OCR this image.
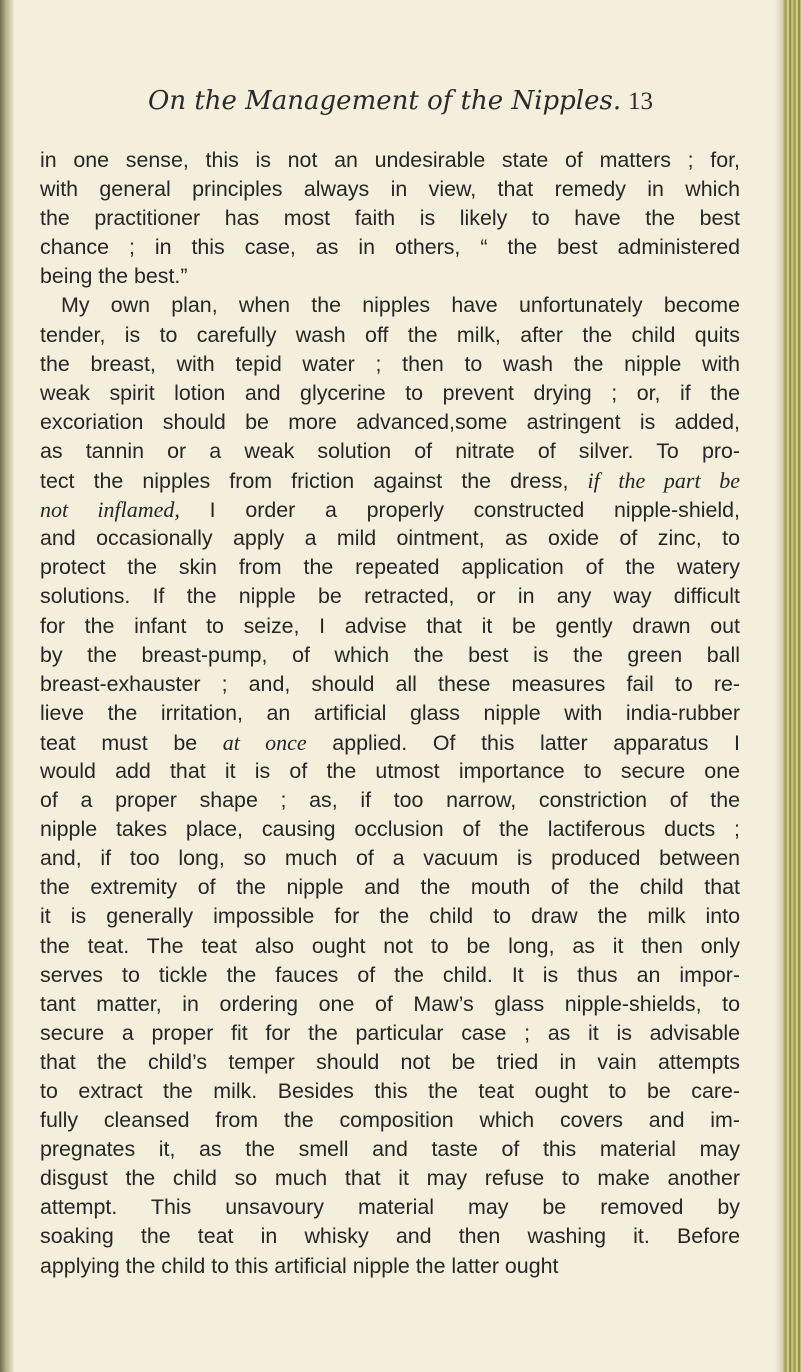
On the Management of the Nipples. 13
in one sense, this is not an undesirable state of matters ; for,
with general principles always in view, that remedy in which
the practitioner has most faith is likely to have the best
chance ; in this case, as in others, “ the best administered
being the best.”
My own plan, when the nipples have unfortunately become
tender, is to carefully wash off the milk, after the child quits
the breast, with tepid water ; then to wash the nipple with
weak spirit lotion and glycerine to prevent drying ; or, if the
excoriation should be more advanced,some astringent is added,
as tannin or a weak solution of nitrate of silver. To pro-
tect the nipples from friction against the dress, if the part be
not inflamed, I order a properly constructed nipple-shield,
and occasionally apply a mild ointment, as oxide of zinc, to
protect the skin from the repeated application of the watery
solutions. If the nipple be retracted, or in any way difficult
for the infant to seize, I advise that it be gently drawn out
by the breast-pump, of which the best is the green ball
breast-exhauster ; and, should all these measures fail to re-
lieve the irritation, an artificial glass nipple with india-rubber
teat must be at once applied. Of this latter apparatus I
would add that it is of the utmost importance to secure one
of a proper shape ; as, if too narrow, constriction of the
nipple takes place, causing occlusion of the lactiferous ducts ;
and, if too long, so much of a vacuum is produced between
the extremity of the nipple and the mouth of the child that
it is generally impossible for the child to draw the milk into
the teat. The teat also ought not to be long, as it then only
serves to tickle the fauces of the child. It is thus an impor-
tant matter, in ordering one of Maw’s glass nipple-shields, to
secure a proper fit for the particular case ; as it is advisable
that the child’s temper should not be tried in vain attempts
to extract the milk. Besides this the teat ought to be care-
fully cleansed from the composition which covers and im-
pregnates it, as the smell and taste of this material may
disgust the child so much that it may refuse to make another
attempt. This unsavoury material may be removed by
soaking the teat in whisky and then washing it. Before
applying the child to this artificial nipple the latter ought
